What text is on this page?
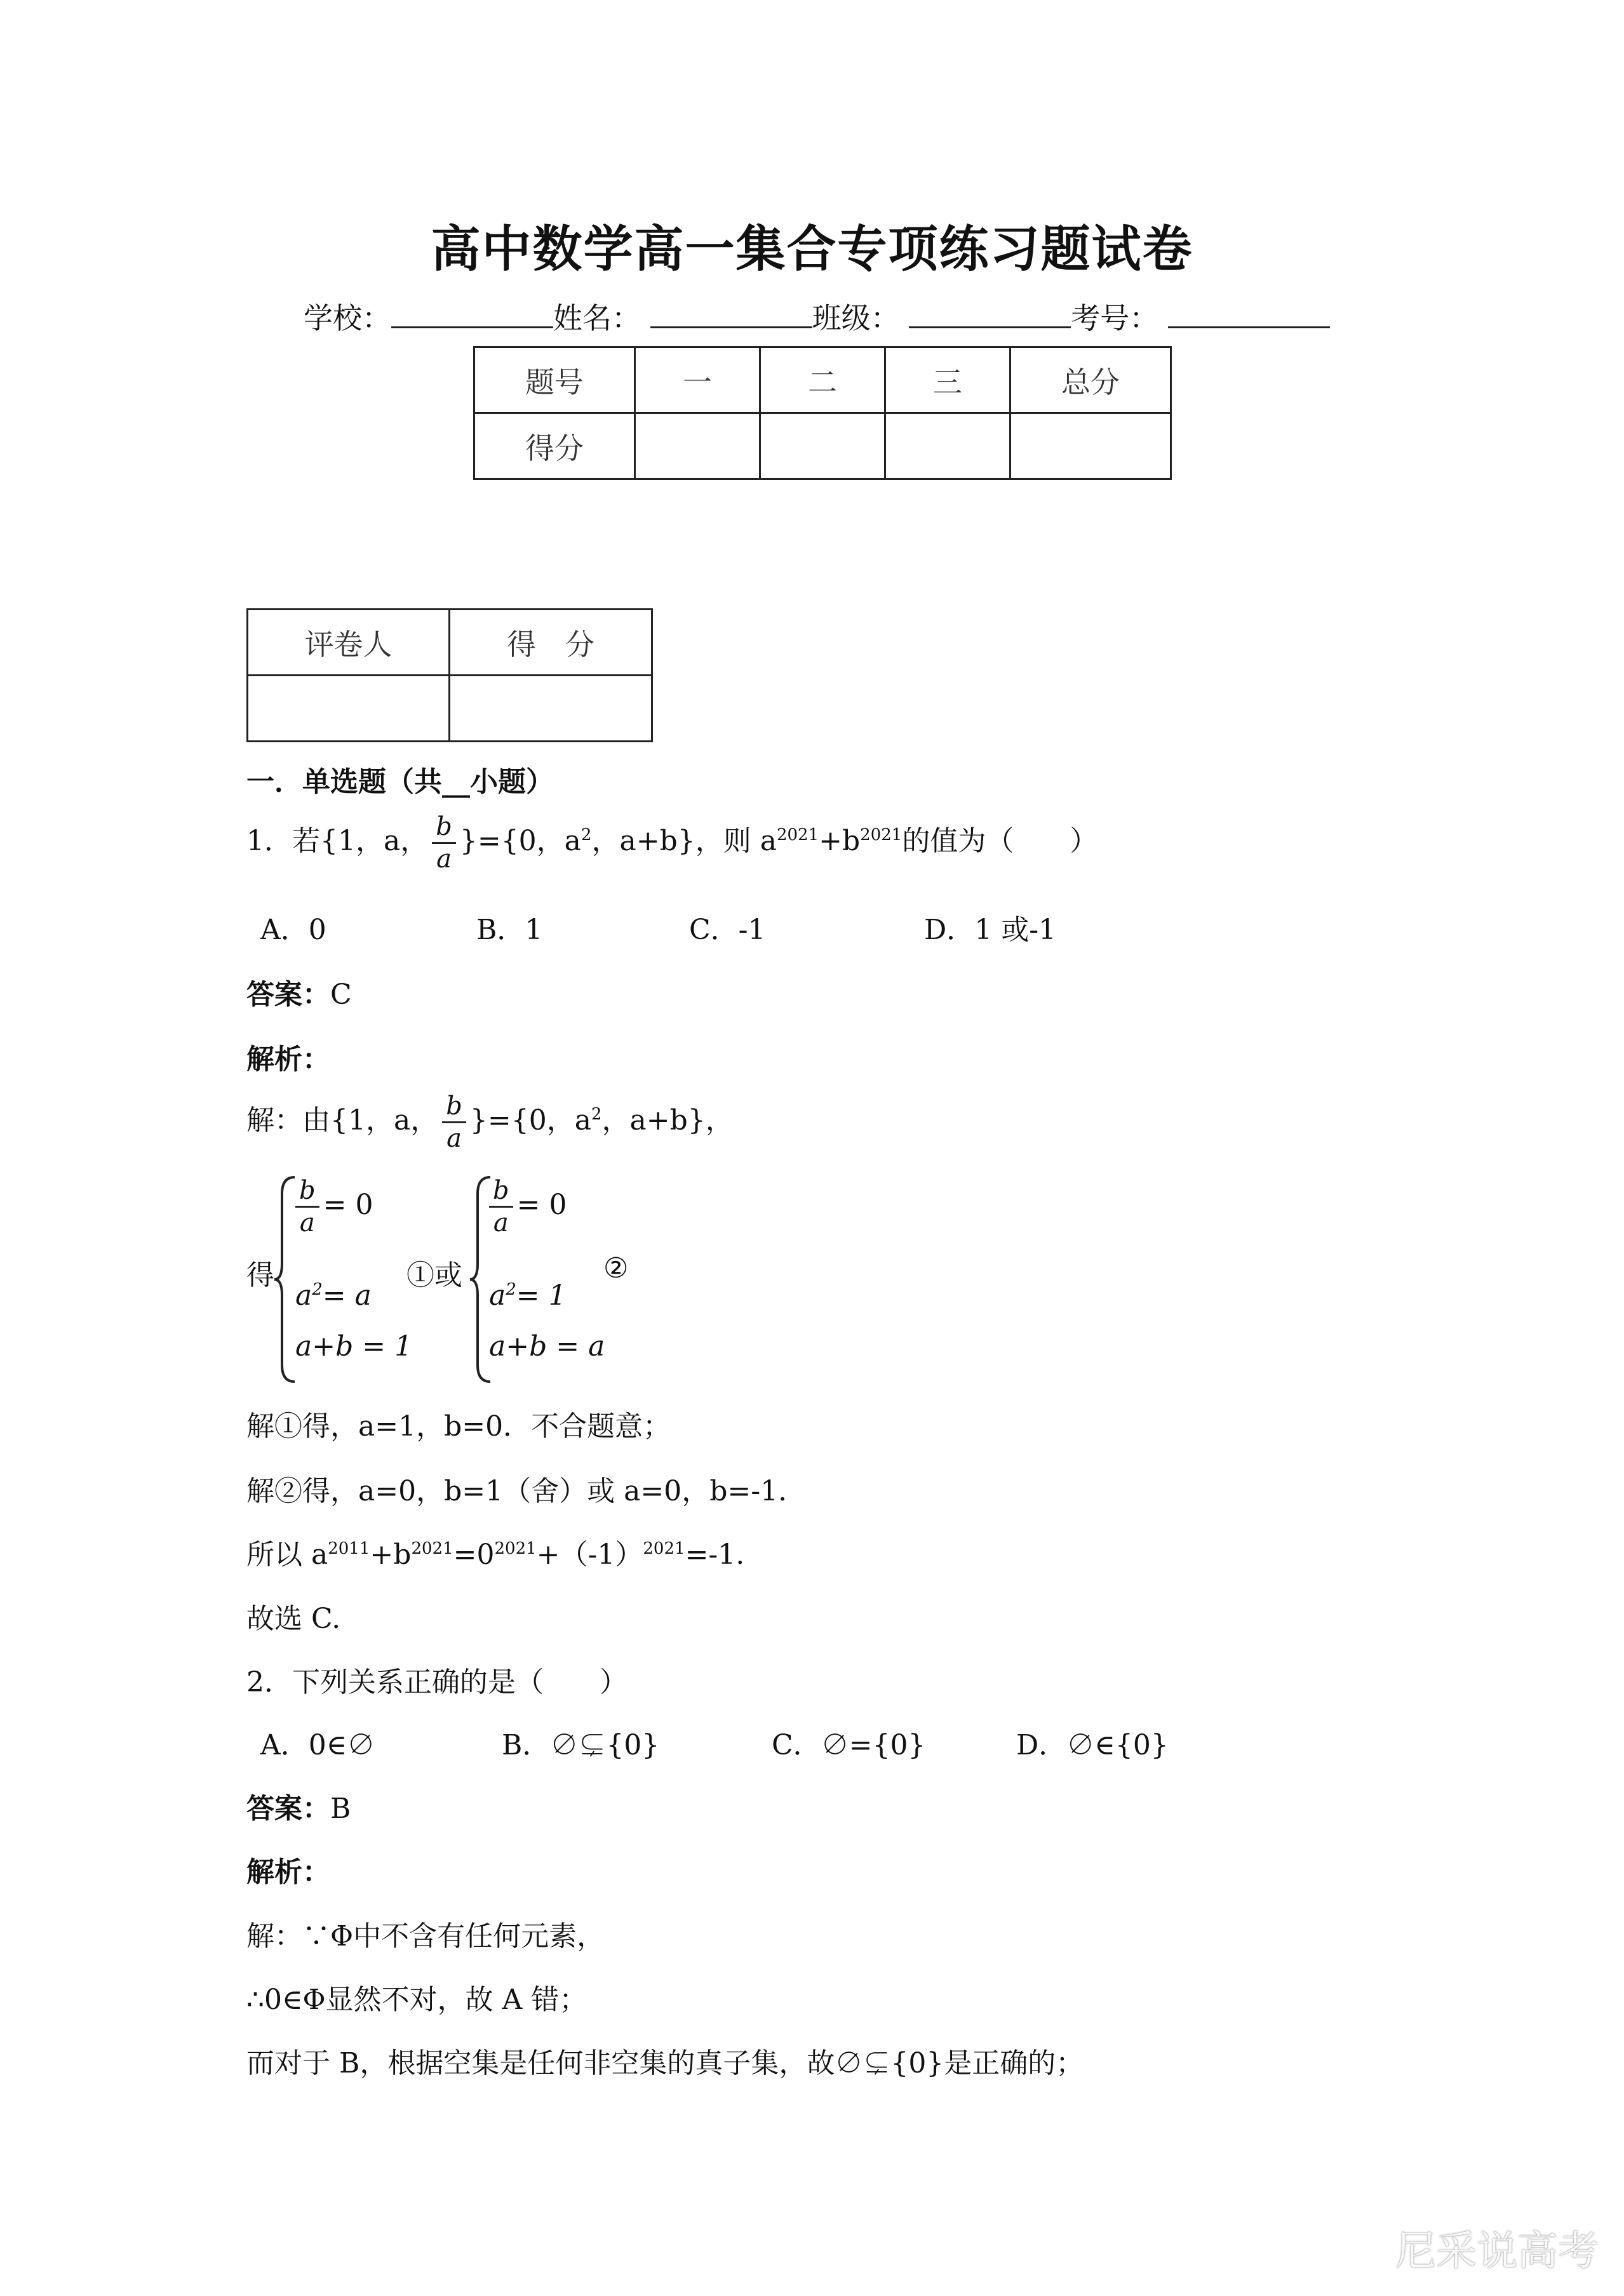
高中数学高一集合专项练习题试卷
学校：	姓名：	班级：	考号：
题号	一	二	三	总分
得分				
评卷人	得　分

一．单选题（共__小题）
1．若{1，a， $\frac{b}{a} \}=\{0$，$a^2$，a+b}，则 $a^{2021}+b^{2021}$的值为（　　）
A．0	B．1	C．-1	D．1 或-1
答案：C
解析：
解：由{1，a， $\frac{b}{a} \}=\{0$，$a^2$，a+b}，
得
$\frac{b}{a} = 0$
$a^2= a$
a+b = 1
①或
$\frac{b}{a} = 0$
$a^2= 1$
a+b = a
②
解①得，a=1，b=0．不合题意；
解②得，a=0，b=1（舍）或 a=0，b=-1.
所以 $a^{2011}+b^{2021}=0^{2021}+(-1)^{2021}=-1$.
故选 C.
2．下列关系正确的是（　　）
A．0∈∅	B．∅⊊{0}	C．∅={0}	D．∅∈{0}
答案：B
解析：
解：∵Φ中不含有任何元素，
∴0∈Φ显然不对，故 A 错；
而对于 B，根据空集是任何非空集的真子集，故∅⊊{0}是正确的；
尼采说高考
